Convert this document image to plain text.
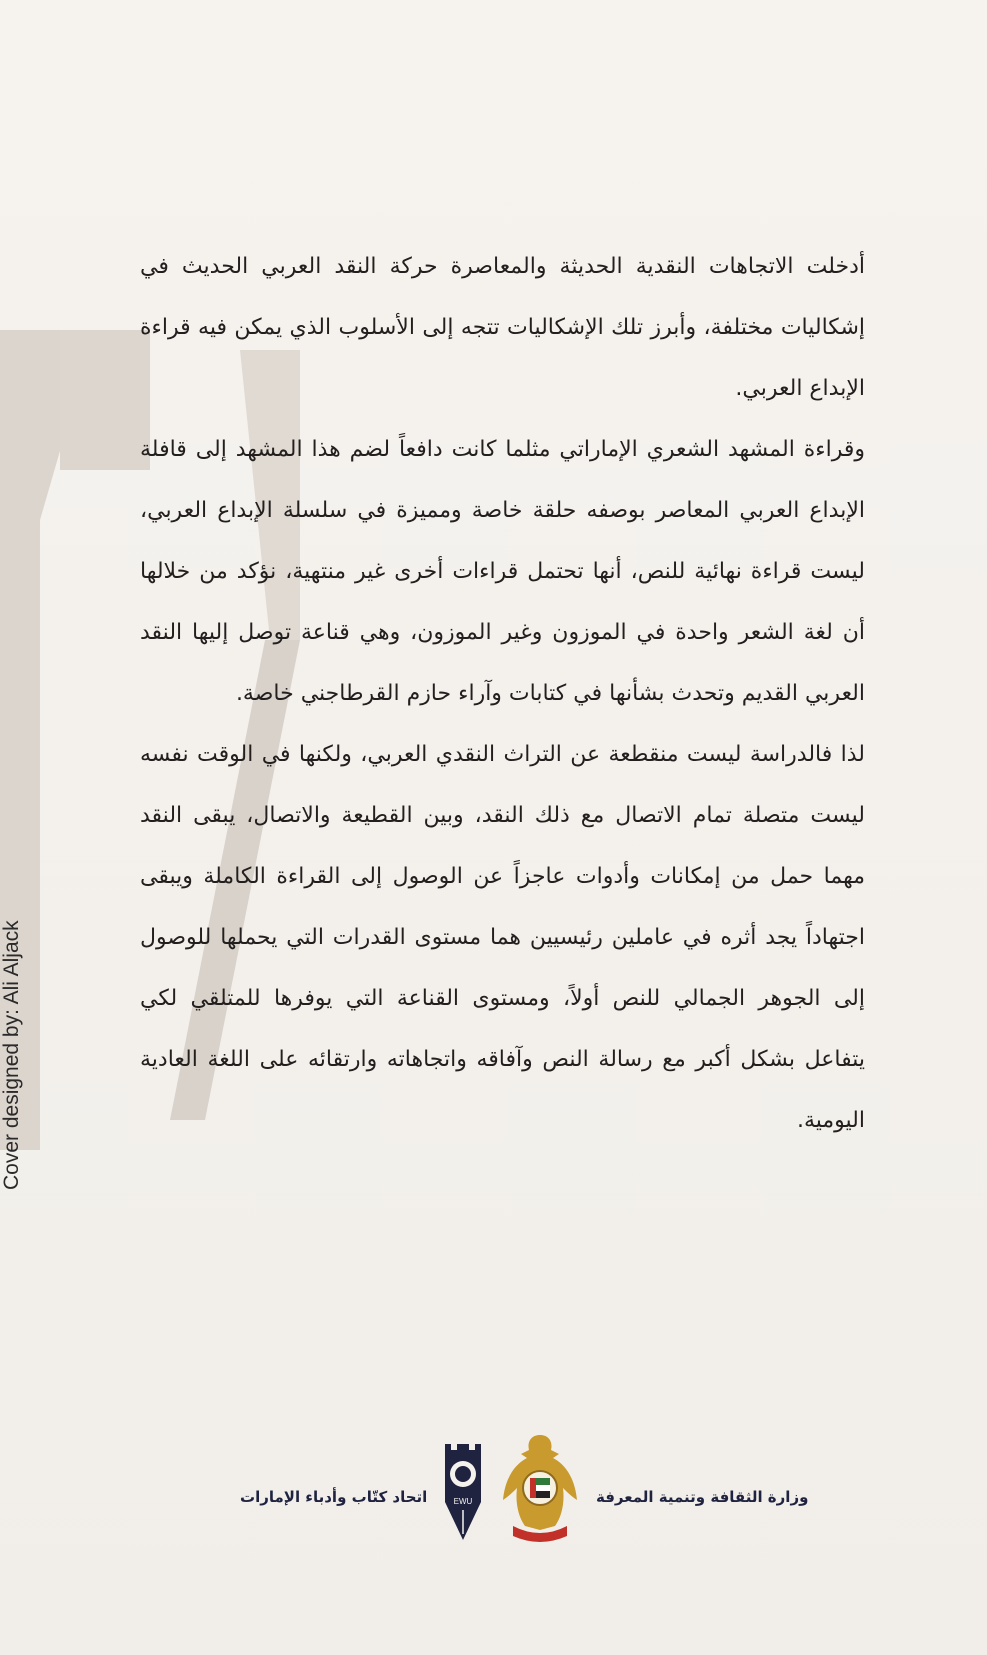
Cover designed by: Ali Aljack

أدخلت الاتجاهات النقدية الحديثة والمعاصرة حركة النقد العربي الحديث في إشكاليات مختلفة، وأبرز تلك الإشكاليات تتجه إلى الأسلوب الذي يمكن فيه قراءة الإبداع العربي.

وقراءة المشهد الشعري الإماراتي مثلما كانت دافعاً لضم هذا المشهد إلى قافلة الإبداع العربي المعاصر بوصفه حلقة خاصة ومميزة في سلسلة الإبداع العربي، ليست قراءة نهائية للنص، أنها تحتمل قراءات أخرى غير منتهية، نؤكد من خلالها أن لغة الشعر واحدة في الموزون وغير الموزون، وهي قناعة توصل إليها النقد العربي القديم وتحدث بشأنها في كتابات وآراء حازم القرطاجني خاصة.

لذا فالدراسة ليست منقطعة عن التراث النقدي العربي، ولكنها في الوقت نفسه ليست متصلة تمام الاتصال مع ذلك النقد، وبين القطيعة والاتصال، يبقى النقد مهما حمل من إمكانات وأدوات عاجزاً عن الوصول إلى القراءة الكاملة ويبقى اجتهاداً يجد أثره في عاملين رئيسيين هما مستوى القدرات التي يحملها للوصول إلى الجوهر الجمالي للنص أولاً، ومستوى القناعة التي يوفرها للمتلقي لكي يتفاعل بشكل أكبر مع رسالة النص وآفاقه واتجاهاته وارتقائه على اللغة العادية اليومية.

وزارة الثقافة وتنمية المعرفة
EWU
اتحاد كتّاب وأدباء الإمارات
